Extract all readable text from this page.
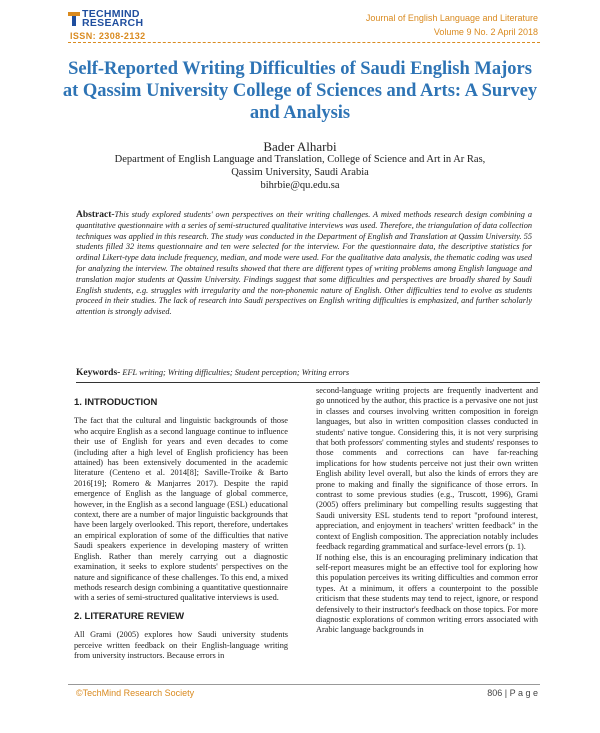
TECHMIND
RESEARCH
ISSN: 2308-2132
Journal of English Language and Literature
Volume 9 No. 2 April 2018
Self-Reported Writing Difficulties of Saudi English Majors at Qassim University College of Sciences and Arts: A Survey and Analysis
Bader Alharbi
Department of English Language and Translation, College of Science and Art in Ar Ras,
Qassim University, Saudi Arabia
bihrbie@qu.edu.sa
Abstract-This study explored students' own perspectives on their writing challenges. A mixed methods research design combining a quantitative questionnaire with a series of semi-structured qualitative interviews was used. Therefore, the triangulation of data collection techniques was applied in this research. The study was conducted in the Department of English and Translation at Qassim University. 55 students filled 32 items questionnaire and ten were selected for the interview. For the questionnaire data, the descriptive statistics for ordinal Likert-type data include frequency, median, and mode were used. For the qualitative data analysis, the thematic coding was used for analyzing the interview. The obtained results showed that there are different types of writing problems among English language and translation major students at Qassim University. Findings suggest that some difficulties and perspectives are broadly shared by Saudi English students, e.g. struggles with irregularity and the non-phonemic nature of English. Other difficulties tend to evolve as students proceed in their studies. The lack of research into Saudi perspectives on English writing difficulties is emphasized, and further scholarly attention is strongly advised.
Keywords- EFL writing; Writing difficulties; Student perception; Writing errors
1. INTRODUCTION

The fact that the cultural and linguistic backgrounds of those who acquire English as a second language continue to influence their use of English for years and even decades to come (including after a high level of English proficiency has been attained) has been extensively documented in the academic literature (Centeno et al. 2014[8]; Saville-Troike & Barto 2016[19]; Romero & Manjarres 2017). Despite the rapid emergence of English as the language of global commerce, however, in the English as a second language (ESL) educational context, there are a number of major linguistic backgrounds that have been largely overlooked. This report, therefore, undertakes an empirical exploration of some of the difficulties that native Saudi speakers experience in developing mastery of written English. Rather than merely carrying out a diagnostic examination, it seeks to explore students' perspectives on the nature and significance of these challenges. To this end, a mixed methods research design combining a quantitative questionnaire with a series of semi-structured qualitative interviews is used.

2. LITERATURE REVIEW

All Grami (2005) explores how Saudi university students perceive written feedback on their English-language writing from university instructors. Because errors in

second-language writing projects are frequently inadvertent and go unnoticed by the author, this practice is a pervasive one not just in classes and courses involving written composition in foreign languages, but also in written composition classes conducted in students' native tongue. Considering this, it is not very surprising that both professors' commenting styles and students' responses to those comments and corrections can have far-reaching implications for how students perceive not just their own written English ability level overall, but also the kinds of errors they are prone to making and finally the significance of those errors. In contrast to some previous studies (e.g., Truscott, 1996), Grami (2005) offers preliminary but compelling results suggesting that Saudi university ESL students tend to report "profound interest, appreciation, and enjoyment in teachers' written feedback" in the context of English composition. The appreciation notably includes feedback regarding grammatical and surface-level errors (p. 1).

If nothing else, this is an encouraging preliminary indication that self-report measures might be an effective tool for exploring how this population perceives its writing difficulties and common error types. At a minimum, it offers a counterpoint to the possible criticism that these students may tend to reject, ignore, or respond defensively to their instructor's feedback on those topics. For more diagnostic explorations of common writing errors associated with Arabic language backgrounds in

©TechMind Research Society	806 | P a g e
